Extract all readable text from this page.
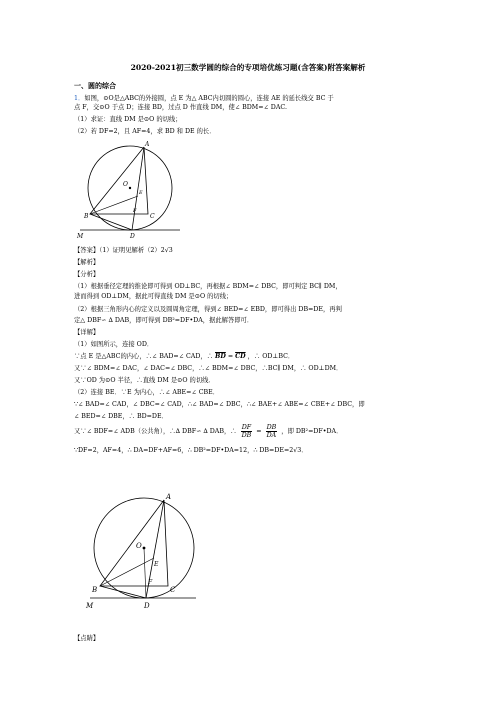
2020-2021初三数学圆的综合的专项培优练习题(含答案)附答案解析
一、圆的综合
1．如图，⊙O是△ABC的外接圆，点 E 为△ ABC内切圆的圆心，连接 AE 的延长线交 BC 于
点 F，交⊙O 于点 D；连接 BD，过点 D 作直线 DM，使∠ BDM=∠ DAC.
（1）求证：直线 DM 是⊙O 的切线；
（2）若 DF=2，且 AF=4，求 BD 和 DE 的长．
A
O
E
F
B	C
M	D
【答案】（1）证明见解析（2）2√3
【解析】
【分析】
（1）根据垂径定理的推论即可得到 OD⊥BC，再根据∠ BDM=∠ DBC，即可判定 BC∥ DM，
进而得到 OD⊥DM，据此可得直线 DM 是⊙O 的切线；
（2）根据三角形内心的定义以及圆周角定理，得到∠ BED=∠ EBD，即可得出 DB=DE，再判
定△ DBF∽ ∆ DAB，即可得到 DB²=DF•DA，据此解答即可．
【详解】
（1）如图所示，连接 OD．
∵点 E 是△ABC的内心，∴∠ BAD=∠ CAD，∴ $\overline{BD} = \overline{CD}$ ，∴ OD⊥BC．
又∵∠ BDM=∠ DAC，∠ DAC=∠ DBC，∴∠ BDM=∠ DBC，∴BC∥ DM，∴ OD⊥DM．
又∵OD 为⊙O 半径，∴直线 DM 是⊙O 的切线．
（2）连接 BE．∵E 为内心，∴∠ ABE=∠ CBE．
∵∠ BAD=∠ CAD，∠ DBC=∠ CAD，∴∠ BAD=∠ DBC，∴∠ BAE+∠ ABE=∠ CBE+∠ DBC，即
∠ BED=∠ DBE，∴ BD=DE．
又∵∠ BDF=∠ ADB（公共角），∴∆ DBF∽ ∆ DAB，∴ $\frac{DF}{DB} = \frac{DB}{DA}$ ，即 DB²=DF•DA．
∵DF=2，AF=4，∴ DA=DF+AF=6，∴ DB²=DF•DA=12，∴ DB=DE=2√3．
A
O
E
F
B	C
M	D
【点睛】
